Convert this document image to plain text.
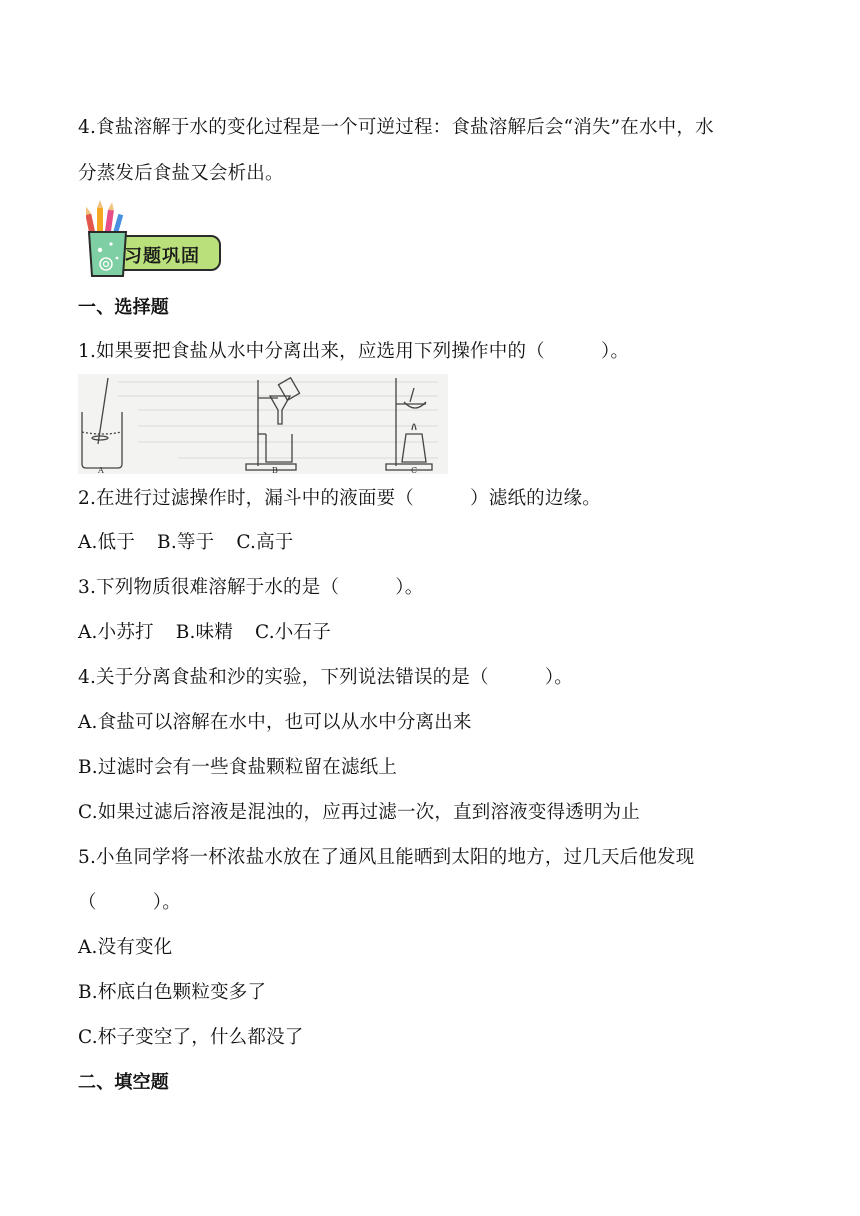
4.食盐溶解于水的变化过程是一个可逆过程：食盐溶解后会“消失”在水中，水
分蒸发后食盐又会析出。
习题巩固
一、选择题
1.如果要把食盐从水中分离出来，应选用下列操作中的（　　　）。
A	B	C
2.在进行过滤操作时，漏斗中的液面要（　　　）滤纸的边缘。
A.低于 B.等于 C.高于
3.下列物质很难溶解于水的是（　　　）。
A.小苏打 B.味精 C.小石子
4.关于分离食盐和沙的实验，下列说法错误的是（　　　）。
A.食盐可以溶解在水中，也可以从水中分离出来
B.过滤时会有一些食盐颗粒留在滤纸上
C.如果过滤后溶液是混浊的，应再过滤一次，直到溶液变得透明为止
5.小鱼同学将一杯浓盐水放在了通风且能晒到太阳的地方，过几天后他发现
（　　　）。
A.没有变化
B.杯底白色颗粒变多了
C.杯子变空了，什么都没了
二、填空题
